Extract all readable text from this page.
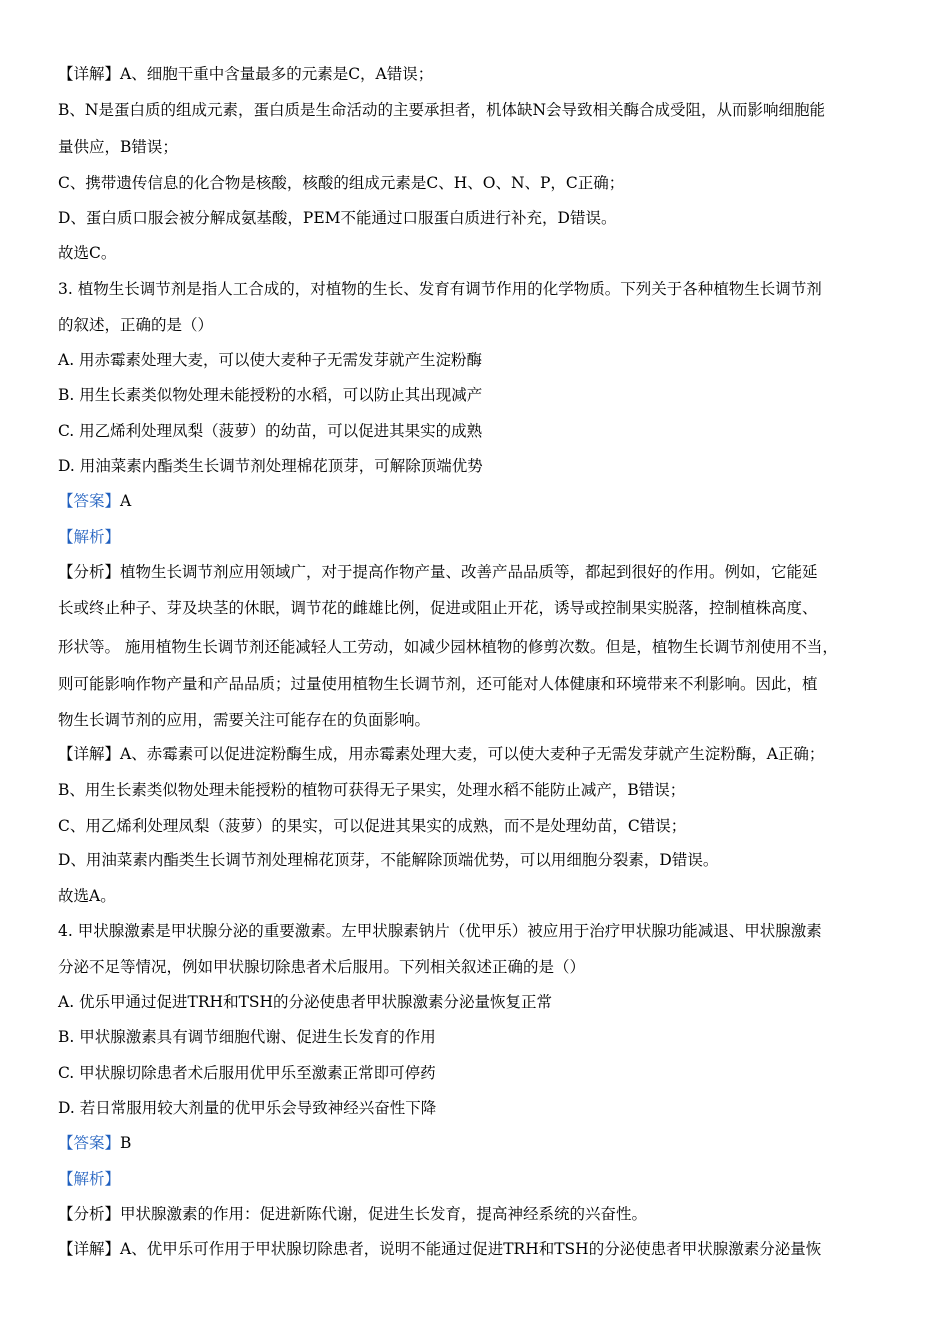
【详解】A、细胞干重中含量最多的元素是C，A错误；
B、N是蛋白质的组成元素，蛋白质是生命活动的主要承担者，机体缺N会导致相关酶合成受阻，从而影响细胞能
量供应，B错误；
C、携带遗传信息的化合物是核酸，核酸的组成元素是C、H、O、N、P，C正确；
D、蛋白质口服会被分解成氨基酸，PEM不能通过口服蛋白质进行补充，D错误。
故选C。
3. 植物生长调节剂是指人工合成的，对植物的生长、发育有调节作用的化学物质。下列关于各种植物生长调节剂
的叙述，正确的是（）
A. 用赤霉素处理大麦，可以使大麦种子无需发芽就产生淀粉酶
B. 用生长素类似物处理未能授粉的水稻，可以防止其出现减产
C. 用乙烯利处理凤梨（菠萝）的幼苗，可以促进其果实的成熟
D. 用油菜素内酯类生长调节剂处理棉花顶芽，可解除顶端优势
【答案】A
【解析】
【分析】植物生长调节剂应用领域广，对于提高作物产量、改善产品品质等，都起到很好的作用。例如，它能延
长或终止种子、芽及块茎的休眠，调节花的雌雄比例，促进或阻止开花，诱导或控制果实脱落，控制植株高度、
形状等。 施用植物生长调节剂还能减轻人工劳动，如减少园林植物的修剪次数。但是，植物生长调节剂使用不当，
则可能影响作物产量和产品品质；过量使用植物生长调节剂，还可能对人体健康和环境带来不利影响。因此，植
物生长调节剂的应用，需要关注可能存在的负面影响。
【详解】A、赤霉素可以促进淀粉酶生成，用赤霉素处理大麦，可以使大麦种子无需发芽就产生淀粉酶，A正确；
B、用生长素类似物处理未能授粉的植物可获得无子果实，处理水稻不能防止减产，B错误；
C、用乙烯利处理凤梨（菠萝）的果实，可以促进其果实的成熟，而不是处理幼苗，C错误；
D、用油菜素内酯类生长调节剂处理棉花顶芽，不能解除顶端优势，可以用细胞分裂素，D错误。
故选A。
4. 甲状腺激素是甲状腺分泌的重要激素。左甲状腺素钠片（优甲乐）被应用于治疗甲状腺功能减退、甲状腺激素
分泌不足等情况，例如甲状腺切除患者术后服用。下列相关叙述正确的是（）
A. 优乐甲通过促进TRH和TSH的分泌使患者甲状腺激素分泌量恢复正常
B. 甲状腺激素具有调节细胞代谢、促进生长发育的作用
C. 甲状腺切除患者术后服用优甲乐至激素正常即可停药
D. 若日常服用较大剂量的优甲乐会导致神经兴奋性下降
【答案】B
【解析】
【分析】甲状腺激素的作用：促进新陈代谢，促进生长发育，提高神经系统的兴奋性。
【详解】A、优甲乐可作用于甲状腺切除患者，说明不能通过促进TRH和TSH的分泌使患者甲状腺激素分泌量恢
